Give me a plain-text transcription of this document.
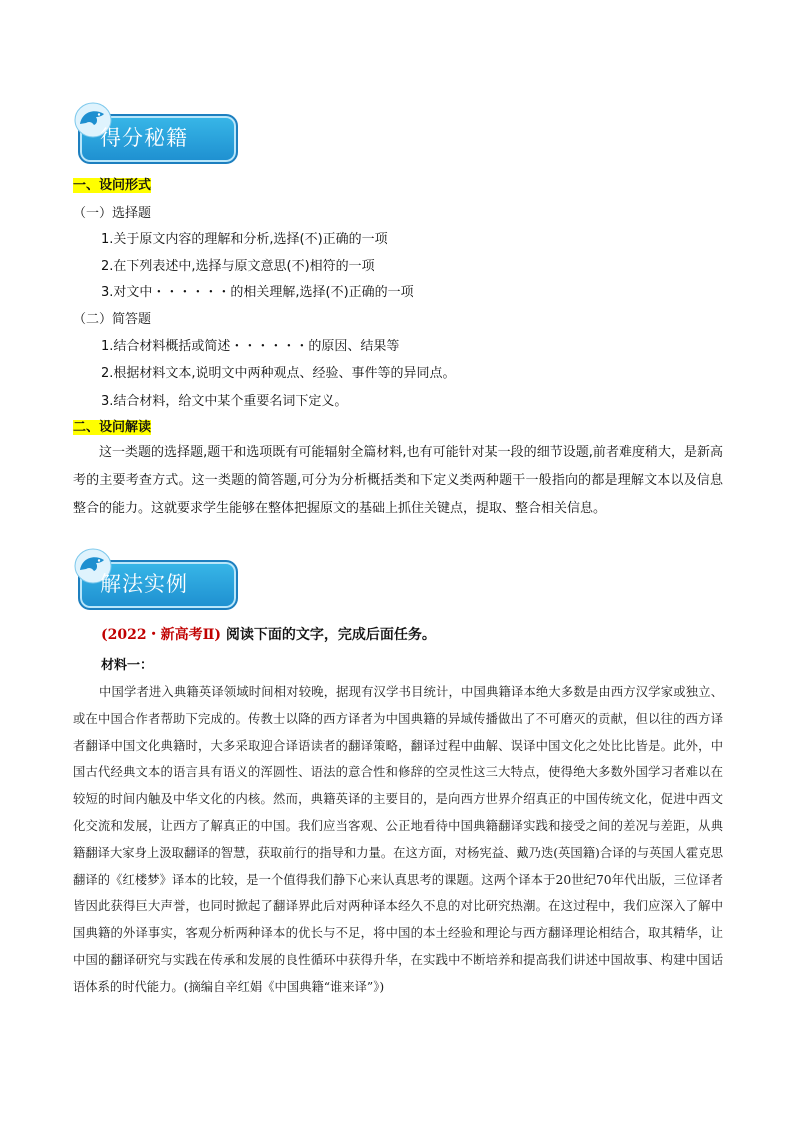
得分秘籍
一、设问形式
（一）选择题
1.关于原文内容的理解和分析,选择(不)正确的一项
2.在下列表述中,选择与原文意思(不)相符的一项
3.对文中・・・・・・的相关理解,选择(不)正确的一项
（二）简答题
1.结合材料概括或简述・・・・・・的原因、结果等
2.根据材料文本,说明文中两种观点、经验、事件等的异同点。
3.结合材料，给文中某个重要名词下定义。
二、设问解读
这一类题的选择题,题干和选项既有可能辐射全篇材料,也有可能针对某一段的细节设题,前者难度稍大，是新高考的主要考查方式。这一类题的简答题,可分为分析概括类和下定义类两种题干一般指向的都是理解文本以及信息整合的能力。这就要求学生能够在整体把握原文的基础上抓住关键点，提取、整合相关信息。
解法实例
(2022・新高考Ⅱ) 阅读下面的文字，完成后面任务。
材料一：
中国学者进入典籍英译领域时间相对较晚，据现有汉学书目统计，中国典籍译本绝大多数是由西方汉学家或独立、或在中国合作者帮助下完成的。传教士以降的西方译者为中国典籍的异域传播做出了不可磨灭的贡献，但以往的西方译者翻译中国文化典籍时，大多采取迎合译语读者的翻译策略，翻译过程中曲解、误译中国文化之处比比皆是。此外，中国古代经典文本的语言具有语义的浑圆性、语法的意合性和修辞的空灵性这三大特点，使得绝大多数外国学习者难以在较短的时间内触及中华文化的内核。然而，典籍英译的主要目的，是向西方世界介绍真正的中国传统文化，促进中西文化交流和发展，让西方了解真正的中国。我们应当客观、公正地看待中国典籍翻译实践和接受之间的差况与差距，从典籍翻译大家身上汲取翻译的智慧，获取前行的指导和力量。在这方面，对杨宪益、戴乃迭(英国籍)合译的与英国人霍克思翻译的《红楼梦》译本的比较，是一个值得我们静下心来认真思考的课题。这两个译本于20世纪70年代出版，三位译者皆因此获得巨大声誉，也同时掀起了翻译界此后对两种译本经久不息的对比研究热潮。在这过程中，我们应深入了解中国典籍的外译事实，客观分析两种译本的优长与不足，将中国的本土经验和理论与西方翻译理论相结合，取其精华，让中国的翻译研究与实践在传承和发展的良性循环中获得升华，在实践中不断培养和提高我们讲述中国故事、构建中国话语体系的时代能力。(摘编自辛红娟《中国典籍“谁来译”》)
